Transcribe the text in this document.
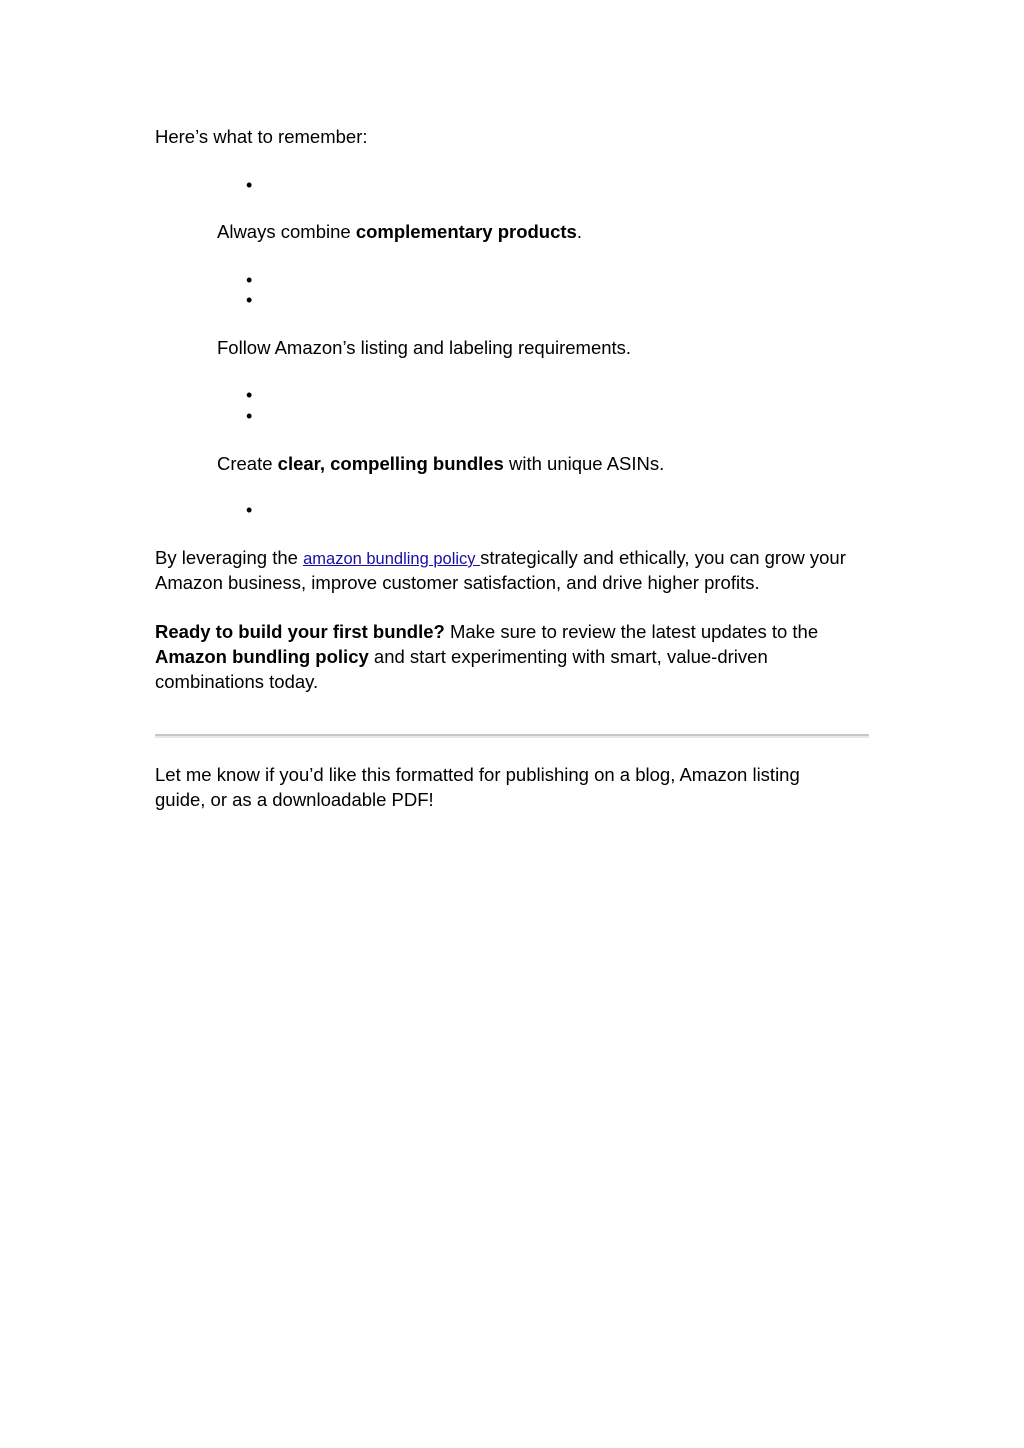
Here’s what to remember:
•
Always combine complementary products.
•
•
Follow Amazon’s listing and labeling requirements.
•
•
Create clear, compelling bundles with unique ASINs.
•
By leveraging the amazon bundling policy strategically and ethically, you can grow your
Amazon business, improve customer satisfaction, and drive higher profits.
Ready to build your first bundle? Make sure to review the latest updates to the
Amazon bundling policy and start experimenting with smart, value-driven
combinations today.
Let me know if you’d like this formatted for publishing on a blog, Amazon listing
guide, or as a downloadable PDF!
